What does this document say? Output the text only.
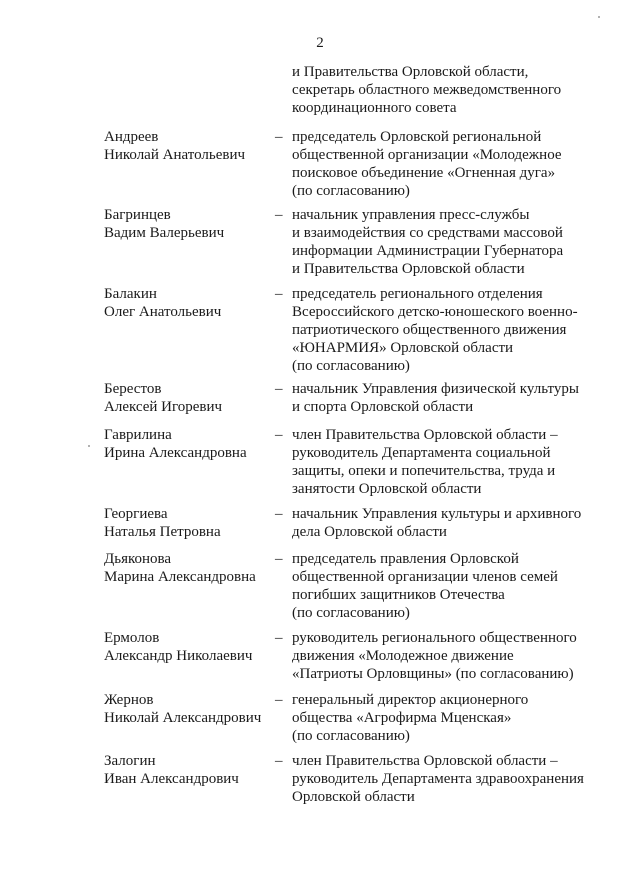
2
и Правительства Орловской области,
секретарь областного межведомственного
координационного совета
Андреев
Николай Анатольевич
– председатель Орловской региональной
общественной организации «Молодежное
поисковое объединение «Огненная дуга»
(по согласованию)
Багринцев
Вадим Валерьевич
– начальник управления пресс-службы
и взаимодействия со средствами массовой
информации Администрации Губернатора
и Правительства Орловской области
Балакин
Олег Анатольевич
– председатель регионального отделения
Всероссийского детско-юношеского военно-
патриотического общественного движения
«ЮНАРМИЯ» Орловской области
(по согласованию)
Берестов
Алексей Игоревич
– начальник Управления физической культуры
и спорта Орловской области
Гаврилина
Ирина Александровна
– член Правительства Орловской области –
руководитель Департамента социальной
защиты, опеки и попечительства, труда и
занятости Орловской области
Георгиева
Наталья Петровна
– начальник Управления культуры и архивного
дела Орловской области
Дьяконова
Марина Александровна
– председатель правления Орловской
общественной организации членов семей
погибших защитников Отечества
(по согласованию)
Ермолов
Александр Николаевич
– руководитель регионального общественного
движения «Молодежное движение
«Патриоты Орловщины» (по согласованию)
Жернов
Николай Александрович
– генеральный директор акционерного
общества «Агрофирма Мценская»
(по согласованию)
Залогин
Иван Александрович
– член Правительства Орловской области –
руководитель Департамента здравоохранения
Орловской области
